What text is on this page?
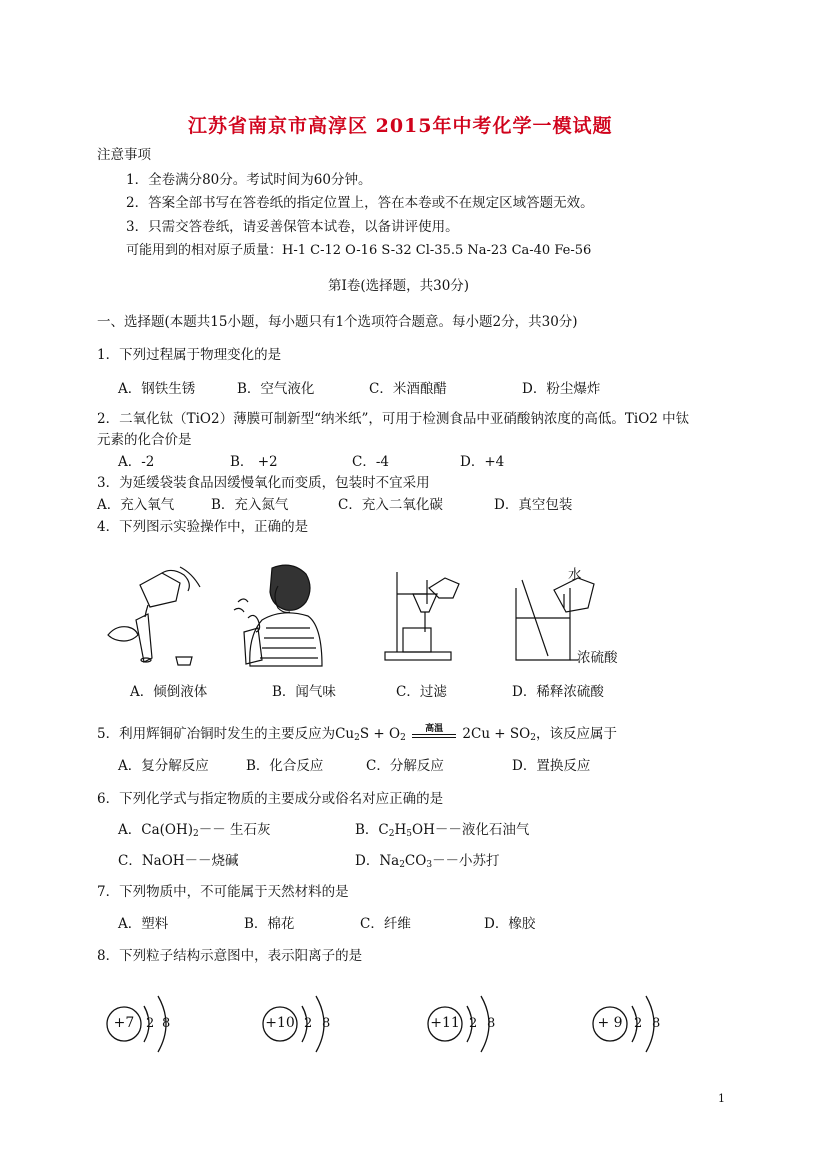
江苏省南京市高淳区 2015年中考化学一模试题
注意事项
1．全卷满分80分。考试时间为60分钟。
2．答案全部书写在答卷纸的指定位置上，答在本卷或不在规定区域答题无效。
3．只需交答卷纸，请妥善保管本试卷，以备讲评使用。
可能用到的相对原子质量：H-1 C-12 O-16 S-32 Cl-35.5 Na-23 Ca-40 Fe-56
第Ⅰ卷(选择题，共30分)
一、选择题(本题共15小题，每小题只有1个选项符合题意。每小题2分，共30分)
1．下列过程属于物理变化的是
A．钢铁生锈	B．空气液化	C．米酒酿醋	D．粉尘爆炸
2．二氧化钛（TiO2）薄膜可制新型“纳米纸”，可用于检测食品中亚硝酸钠浓度的高低。TiO2 中钛
元素的化合价是
A．-2	B． +2	C．-4	D．+4
3．为延缓袋装食品因缓慢氧化而变质，包装时不宜采用
A．充入氧气	B．充入氮气	C．充入二氧化碳	D．真空包装
4．下列图示实验操作中，正确的是
水
浓硫酸
A．倾倒液体	B．闻气味	C．过滤	D．稀释浓硫酸
5．利用辉铜矿冶铜时发生的主要反应为$Cu_2S + O_2$
高温	$2Cu + SO_2$，该反应属于
A．复分解反应	B．化合反应	C．分解反应	D．置换反应
6．下列化学式与指定物质的主要成分或俗名对应正确的是
A．$Ca(OH)_2--$ 生石灰	B．$C_2H_5OH--$液化石油气
C．NaOH－－烧碱	D．$Na_2CO_3--$小苏打
7．下列物质中，不可能属于天然材料的是
A．塑料	B．棉花	C．纤维	D．橡胶
8．下列粒子结构示意图中，表示阳离子的是
+7 2 8	+10 2 8	+11 2 8	+ 9 2 8
1
